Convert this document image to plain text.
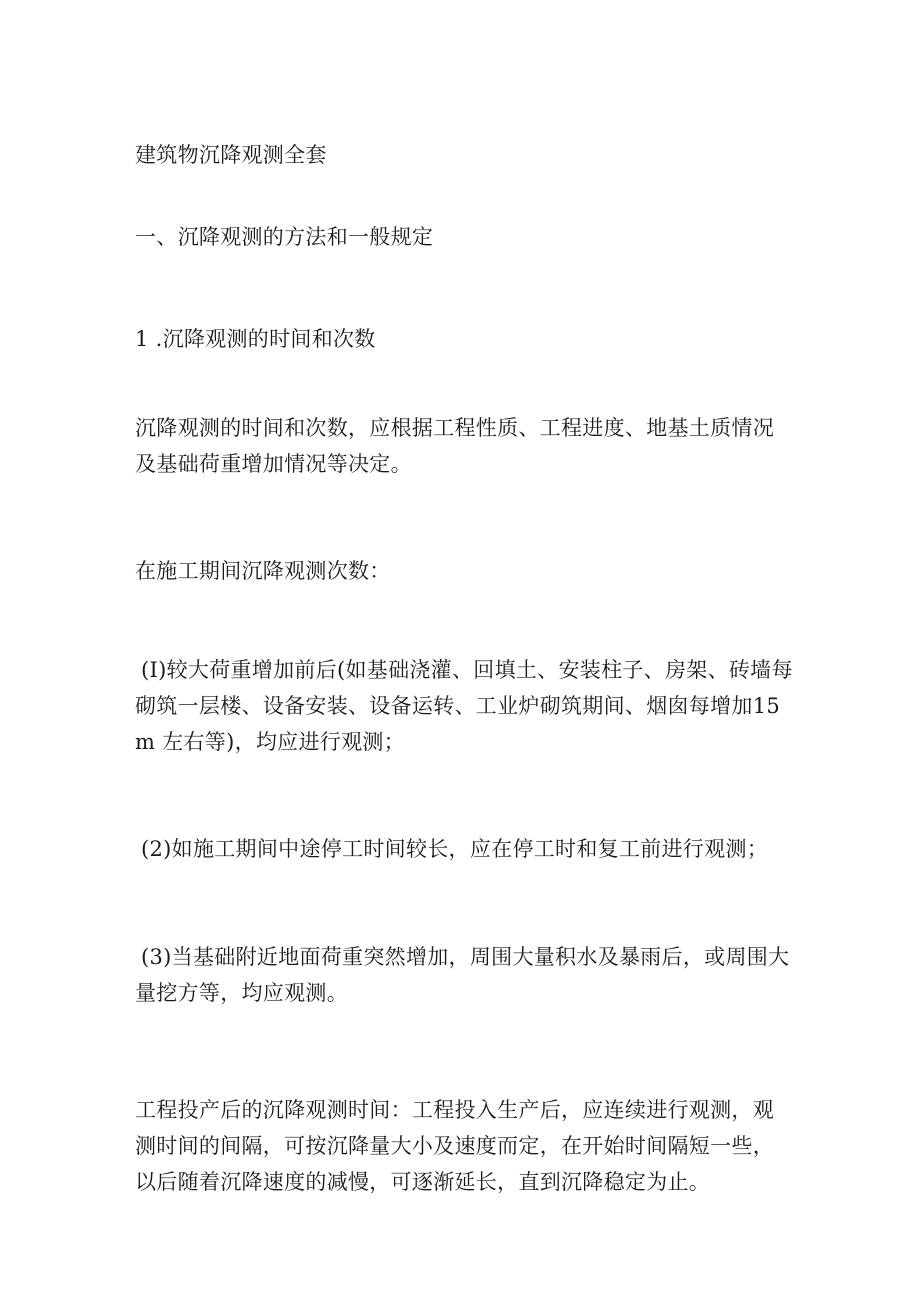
建筑物沉降观测全套

一、沉降观测的方法和一般规定

1 .沉降观测的时间和次数

沉降观测的时间和次数，应根据工程性质、工程进度、地基土质情况及基础荷重增加情况等决定。

在施工期间沉降观测次数：

(I)较大荷重增加前后(如基础浇灌、回填土、安装柱子、房架、砖墙每砌筑一层楼、设备安装、设备运转、工业炉砌筑期间、烟囱每增加15m 左右等)，均应进行观测；

(2)如施工期间中途停工时间较长，应在停工时和复工前进行观测；

(3)当基础附近地面荷重突然增加，周围大量积水及暴雨后，或周围大量挖方等，均应观测。

工程投产后的沉降观测时间：工程投入生产后，应连续进行观测，观测时间的间隔，可按沉降量大小及速度而定，在开始时间隔短一些，以后随着沉降速度的减慢，可逐渐延长，直到沉降稳定为止。
